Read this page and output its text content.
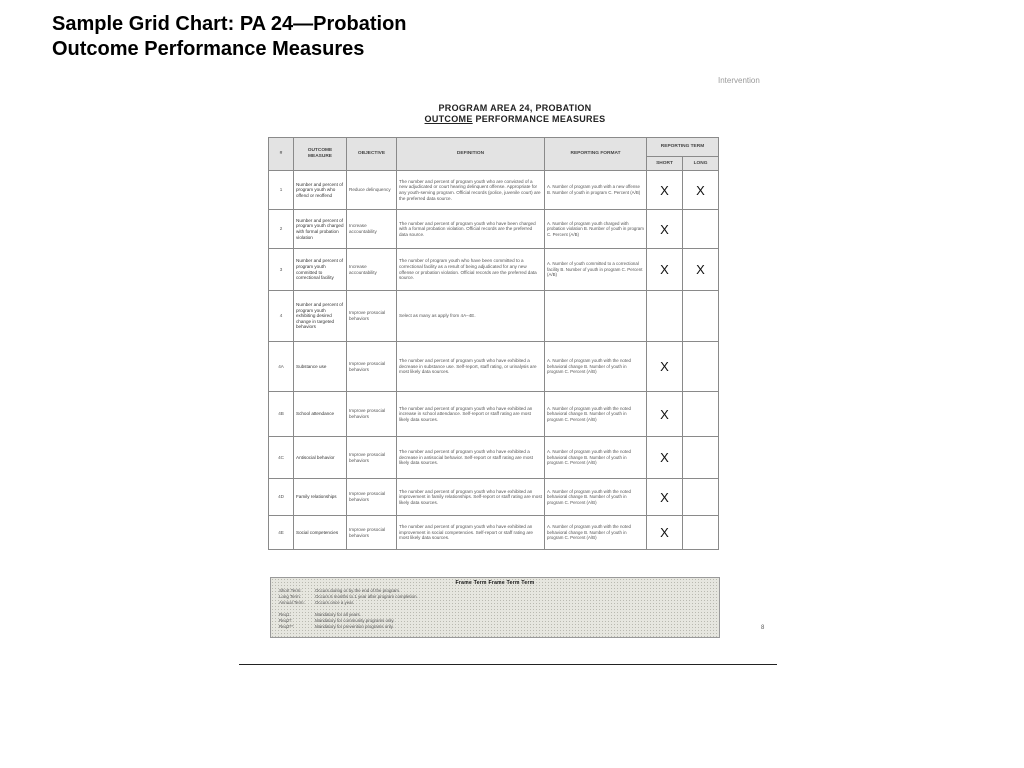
Sample Grid Chart: PA 24—Probation
Outcome Performance Measures
Intervention
PROGRAM AREA 24, PROBATION
OUTCOME PERFORMANCE MEASURES
#	OUTCOME MEASURE	OBJECTIVE	DEFINITION	REPORTING FORMAT	REPORTING TERM	
					SHORT	LONG
1	Number and percent of program youth who offend or reoffend	Reduce delinquency	The number and percent of program youth who are convicted of a new adjudicated or court hearing delinquent offense. Appropriate for any youth-serving program. Official records (police, juvenile court) are the preferred data source.	A. Number of program youth with a new offense B. Number of youth in program C. Percent (A/B)	X	X
2	Number and percent of program youth charged with formal probation violation	Increase accountability	The number and percent of program youth who have been charged with a formal probation violation. Official records are the preferred data source.	A. Number of program youth charged with probation violation B. Number of youth in program C. Percent (A/B)	X	
3	Number and percent of program youth committed to correctional facility	Increase accountability	The number of program youth who have been committed to a correctional facility as a result of being adjudicated for any new offense or probation violation. Official records are the preferred data source.	A. Number of youth committed to a correctional facility B. Number of youth in program C. Percent (A/B)	X	X
4	Number and percent of program youth exhibiting desired change in targeted behaviors	Improve prosocial behaviors	Select as many as apply from 4A–4E.			
4A	Substance use	Improve prosocial behaviors	The number and percent of program youth who have exhibited a decrease in substance use. Self-report, staff rating, or urinalysis are most likely data sources.	A. Number of program youth with the noted behavioral change B. Number of youth in program C. Percent (A/B)	X	
4B	School attendance	Improve prosocial behaviors	The number and percent of program youth who have exhibited an increase in school attendance. Self-report or staff rating are most likely data sources.	A. Number of program youth with the noted behavioral change B. Number of youth in program C. Percent (A/B)	X	
4C	Antisocial behavior	Improve prosocial behaviors	The number and percent of program youth who have exhibited a decrease in antisocial behavior. Self-report or staff rating are most likely data sources.	A. Number of program youth with the noted behavioral change B. Number of youth in program C. Percent (A/B)	X	
4D	Family relationships	Improve prosocial behaviors	The number and percent of program youth who have exhibited an improvement in family relationships. Self-report or staff rating are most likely data sources.	A. Number of program youth with the noted behavioral change B. Number of youth in program C. Percent (A/B)	X	
4E	Social competencies	Improve prosocial behaviors	The number and percent of program youth who have exhibited an improvement in social competencies. Self-report or staff rating are most likely data sources.	A. Number of program youth with the noted behavioral change B. Number of youth in program C. Percent (A/B)	X	
Frame Term Frame Term Term
Short Term:	Occurs during or by the end of the program.
Long Term:	Occurs 6 months to 1 year after program completion.
Annual Term: Occurs once a year.
Req1:	Mandatory for all years.
Req2*:	Mandatory for community programs only.
Req3**:	Mandatory for prevention programs only.	8
